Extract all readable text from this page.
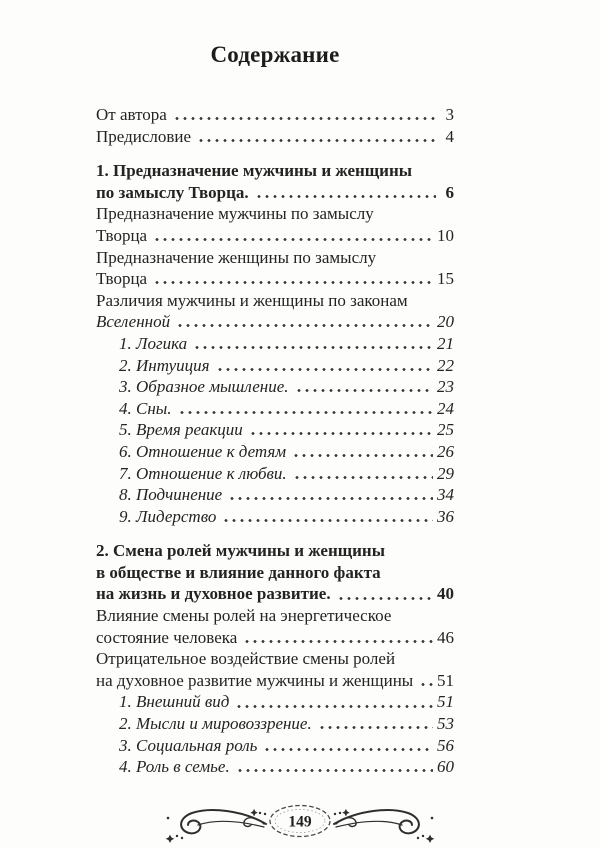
Содержание
От автора	3
Предисловие	4
1. Предназначение мужчины и женщины
по замыслу Творца.	6
Предназначение мужчины по замыслу
Творца	10
Предназначение женщины по замыслу
Творца	15
Различия мужчины и женщины по законам
Вселенной	20
1. Логика	21
2. Интуиция	22
3. Образное мышление.	23
4. Сны.	24
5. Время реакции	25
6. Отношение к детям	26
7. Отношение к любви.	29
8. Подчинение	34
9. Лидерство	36
2. Смена ролей мужчины и женщины
в обществе и влияние данного факта
на жизнь и духовное развитие.	40
Влияние смены ролей на энергетическое
состояние человека	46
Отрицательное воздействие смены ролей
на духовное развитие мужчины и женщины 51
1. Внешний вид	51
2. Мысли и мировоззрение.	53
3. Социальная роль	56
4. Роль в семье.	60
149
